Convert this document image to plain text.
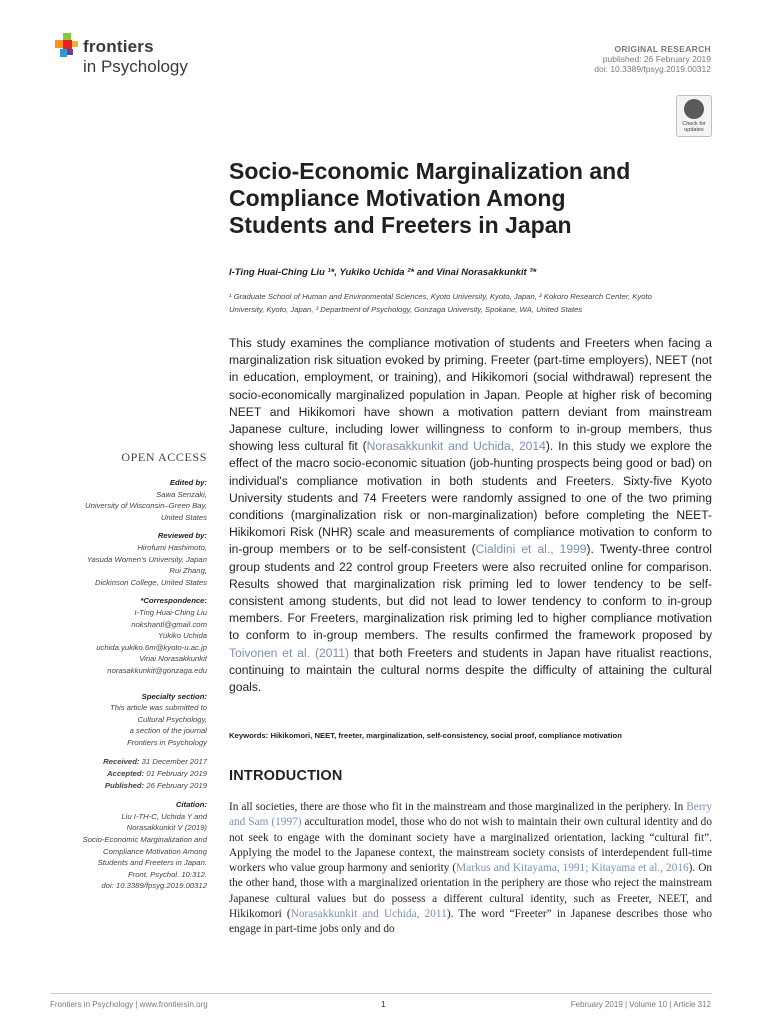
frontiers
in Psychology
ORIGINAL RESEARCH
published: 26 February 2019
doi: 10.3389/fpsyg.2019.00312
Check for
updates
Socio-Economic Marginalization and
Compliance Motivation Among
Students and Freeters in Japan
I-Ting Huai-Ching Liu ¹*, Yukiko Uchida ²* and Vinai Norasakkunkit ³*
¹ Graduate School of Human and Environmental Sciences, Kyoto University, Kyoto, Japan, ² Kokoro Research Center, Kyoto
University, Kyoto, Japan, ³ Department of Psychology, Gonzaga University, Spokane, WA, United States
This study examines the compliance motivation of students and Freeters when facing a marginalization risk situation evoked by priming. Freeter (part-time employers), NEET (not in education, employment, or training), and Hikikomori (social withdrawal) represent the socio-economically marginalized population in Japan. People at higher risk of becoming NEET and Hikikomori have shown a motivation pattern deviant from mainstream Japanese culture, including lower willingness to conform to in-group members, thus showing less cultural fit (Norasakkunkit and Uchida, 2014). In this study we explore the effect of the macro socio-economic situation (job-hunting prospects being good or bad) on individual's compliance motivation in both students and Freeters. Sixty-five Kyoto University students and 74 Freeters were randomly assigned to one of the two priming conditions (marginalization risk or non-marginalization) before completing the NEET-Hikikomori Risk (NHR) scale and measurements of compliance motivation to conform to in-group members or to be self-consistent (Cialdini et al., 1999). Twenty-three control group students and 22 control group Freeters were also recruited online for comparison. Results showed that marginalization risk priming led to lower tendency to be self-consistent among students, but did not lead to lower tendency to conform to in-group members. For Freeters, marginalization risk priming led to higher compliance motivation to conform to in-group members. The results confirmed the framework proposed by Toivonen et al. (2011) that both Freeters and students in Japan have ritualist reactions, continuing to maintain the cultural norms despite the difficulty of attaining the cultural goals.
Keywords: Hikikomori, NEET, freeter, marginalization, self-consistency, social proof, compliance motivation
INTRODUCTION
In all societies, there are those who fit in the mainstream and those marginalized in the periphery. In Berry and Sam (1997) acculturation model, those who do not wish to maintain their own cultural identity and do not seek to engage with the dominant society have a marginalized orientation, lacking “cultural fit”. Applying the model to the Japanese context, the mainstream society consists of interdependent full-time workers who value group harmony and seniority (Markus and Kitayama, 1991; Kitayama et al., 2016). On the other hand, those with a marginalized orientation in the periphery are those who reject the mainstream Japanese cultural values but do possess a different cultural identity, such as Freeter, NEET, and Hikikomori (Norasakkunkit and Uchida, 2011). The word “Freeter” in Japanese describes those who engage in part-time jobs only and do
OPEN ACCESS
Edited by:
Sawa Senzaki,
University of Wisconsin–Green Bay,
United States
Reviewed by:
Hirofumi Hashimoto,
Yasuda Women’s University, Japan
Rui Zhang,
Dickinson College, United States
*Correspondence:
I-Ting Huai-Ching Liu
nokshantl@gmail.com
Yukiko Uchida
uchida.yukiko.6m@kyoto-u.ac.jp
Vinai Norasakkunkit
norasakkunkit@gonzaga.edu
Specialty section:
This article was submitted to
Cultural Psychology,
a section of the journal
Frontiers in Psychology
Received: 31 December 2017
Accepted: 01 February 2019
Published: 26 February 2019
Citation:
Liu I-TH-C, Uchida Y and
Norasakkunkit V (2019)
Socio-Economic Marginalization and
Compliance Motivation Among
Students and Freeters in Japan.
Front. Psychol. 10:312.
doi: 10.3389/fpsyg.2019.00312
Frontiers in Psychology | www.frontiersin.org	1	February 2019 | Volume 10 | Article 312
